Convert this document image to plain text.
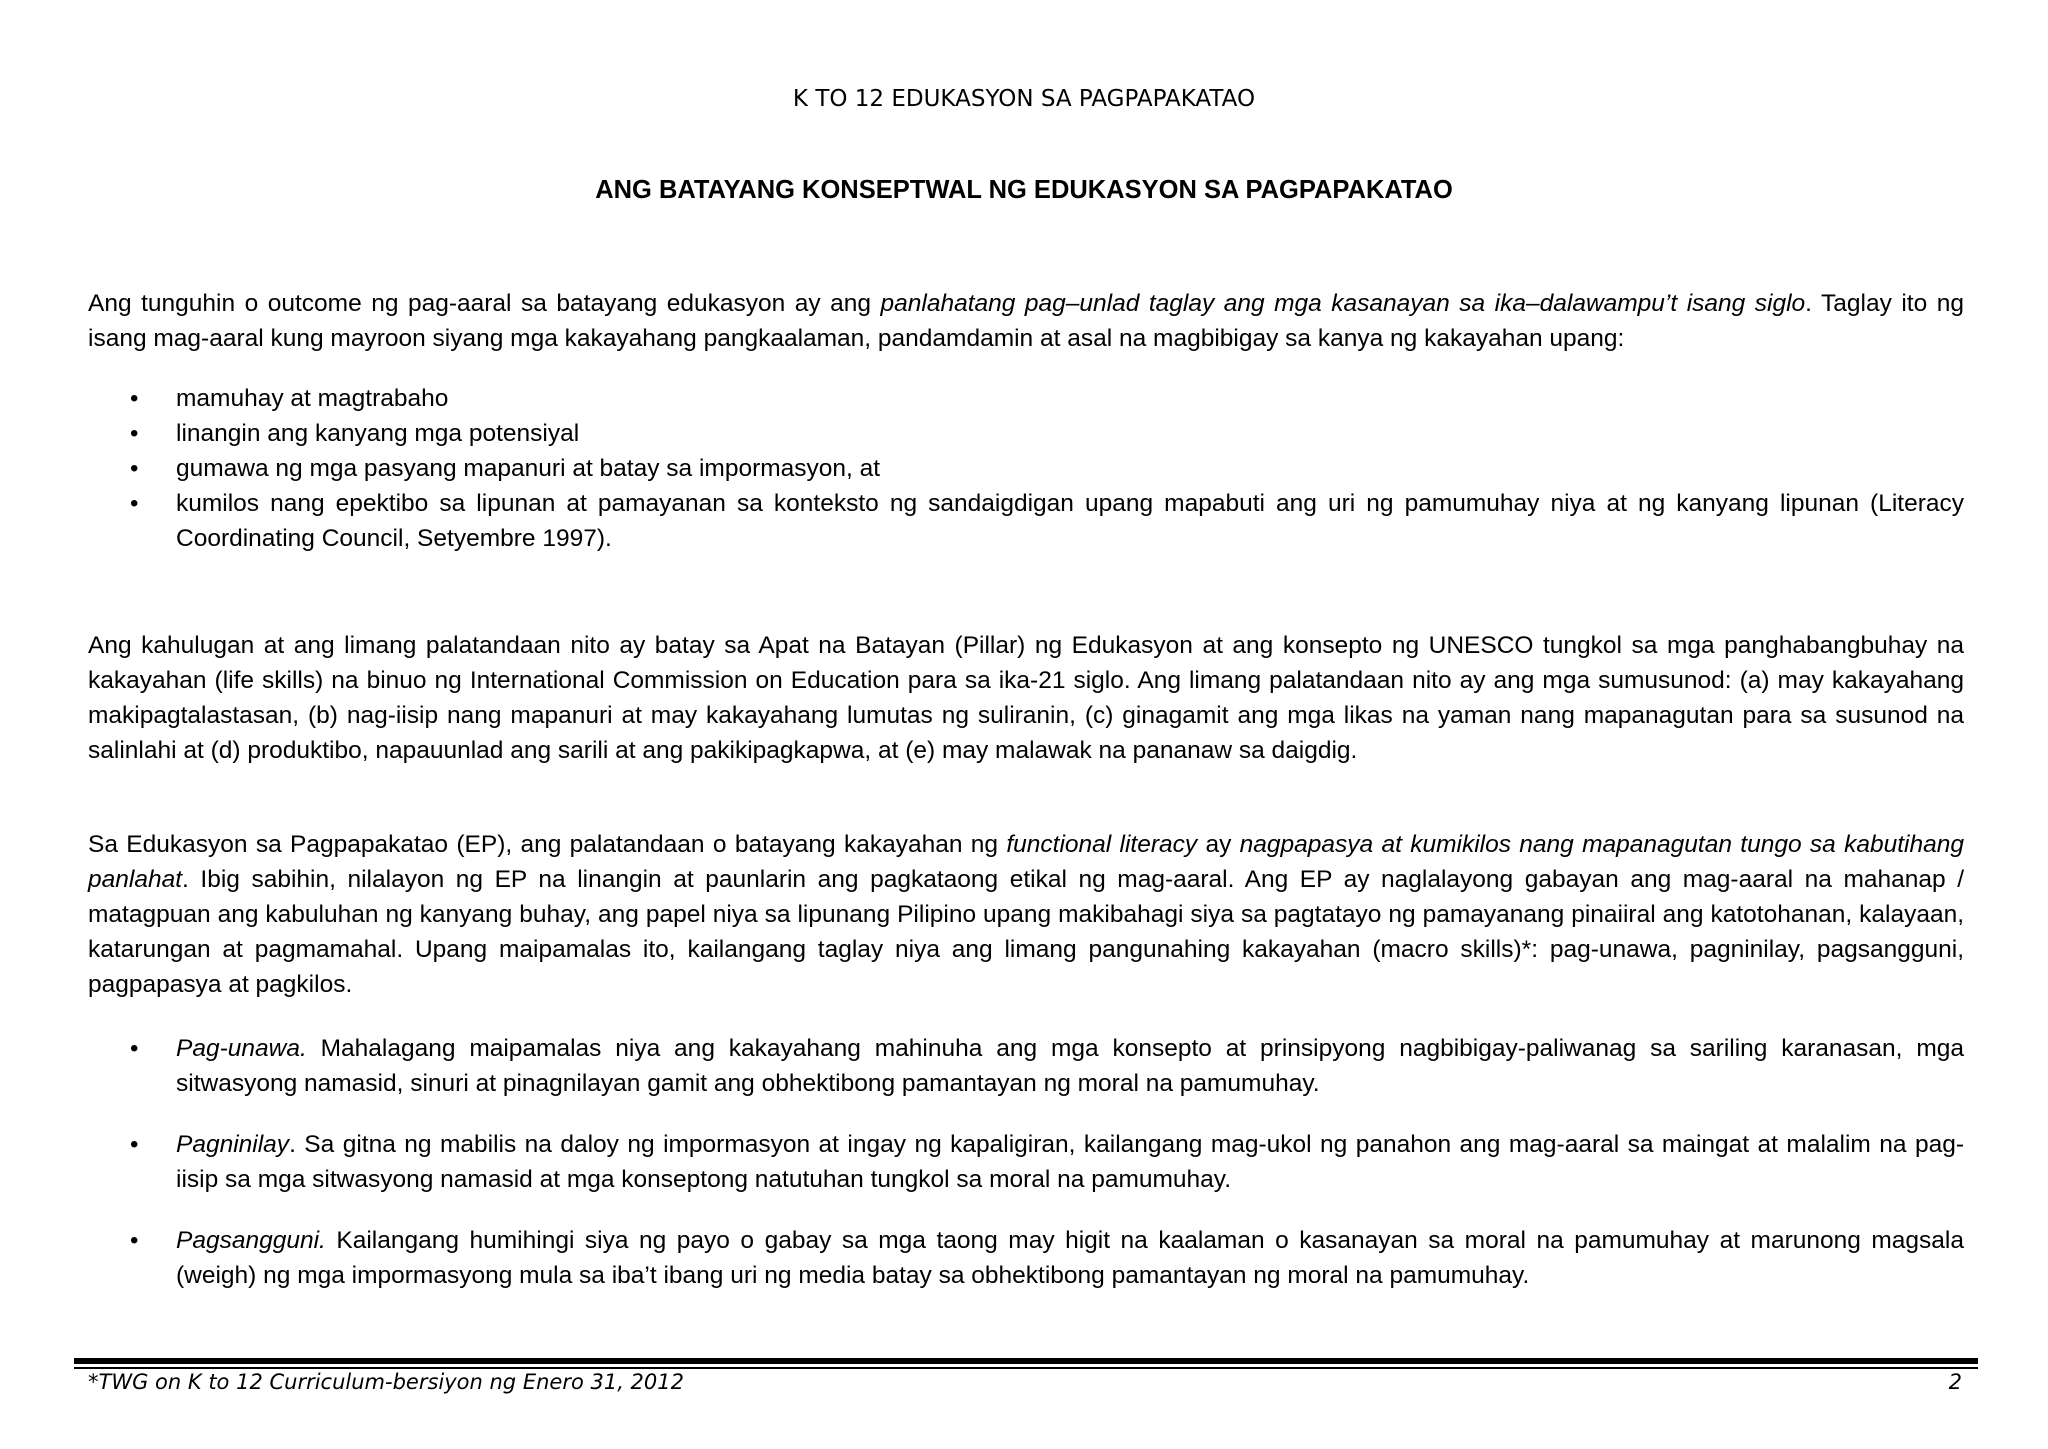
K TO 12 EDUKASYON SA PAGPAPAKATAO
ANG BATAYANG KONSEPTWAL NG EDUKASYON SA PAGPAPAKATAO

Ang tunguhin o outcome ng pag-aaral sa batayang edukasyon ay ang panlahatang pag–unlad taglay ang mga kasanayan sa ika–dalawampu’t isang siglo. Taglay ito ng isang mag-aaral kung mayroon siyang mga kakayahang pangkaalaman, pandamdamin at asal na magbibigay sa kanya ng kakayahan upang:

• mamuhay at magtrabaho
• linangin ang kanyang mga potensiyal
• gumawa ng mga pasyang mapanuri at batay sa impormasyon, at
• kumilos nang epektibo sa lipunan at pamayanan sa konteksto ng sandaigdigan upang mapabuti ang uri ng pamumuhay niya at ng kanyang lipunan (Literacy Coordinating Council, Setyembre 1997).

Ang kahulugan at ang limang palatandaan nito ay batay sa Apat na Batayan (Pillar) ng Edukasyon at ang konsepto ng UNESCO tungkol sa mga panghabangbuhay na kakayahan (life skills) na binuo ng International Commission on Education para sa ika-21 siglo. Ang limang palatandaan nito ay ang mga sumusunod: (a) may kakayahang makipagtalastasan, (b) nag-iisip nang mapanuri at may kakayahang lumutas ng suliranin, (c) ginagamit ang mga likas na yaman nang mapanagutan para sa susunod na salinlahi at (d) produktibo, napauunlad ang sarili at ang pakikipagkapwa, at (e) may malawak na pananaw sa daigdig.

Sa Edukasyon sa Pagpapakatao (EP), ang palatandaan o batayang kakayahan ng functional literacy ay nagpapasya at kumikilos nang mapanagutan tungo sa kabutihang panlahat. Ibig sabihin, nilalayon ng EP na linangin at paunlarin ang pagkataong etikal ng mag-aaral. Ang EP ay naglalayong gabayan ang mag-aaral na mahanap / matagpuan ang kabuluhan ng kanyang buhay, ang papel niya sa lipunang Pilipino upang makibahagi siya sa pagtatayo ng pamayanang pinaiiral ang katotohanan, kalayaan, katarungan at pagmamahal. Upang maipamalas ito, kailangang taglay niya ang limang pangunahing kakayahan (macro skills)*: pag-unawa, pagninilay, pagsangguni, pagpapasya at pagkilos.

• Pag-unawa. Mahalagang maipamalas niya ang kakayahang mahinuha ang mga konsepto at prinsipyong nagbibigay-paliwanag sa sariling karanasan, mga sitwasyong namasid, sinuri at pinagnilayan gamit ang obhektibong pamantayan ng moral na pamumuhay.
• Pagninilay. Sa gitna ng mabilis na daloy ng impormasyon at ingay ng kapaligiran, kailangang mag-ukol ng panahon ang mag-aaral sa maingat at malalim na pag-iisip sa mga sitwasyong namasid at mga konseptong natutuhan tungkol sa moral na pamumuhay.
• Pagsangguni. Kailangang humihingi siya ng payo o gabay sa mga taong may higit na kaalaman o kasanayan sa moral na pamumuhay at marunong magsala (weigh) ng mga impormasyong mula sa iba’t ibang uri ng media batay sa obhektibong pamantayan ng moral na pamumuhay.
*TWG on K to 12 Curriculum-bersiyon ng Enero 31, 2012	2
